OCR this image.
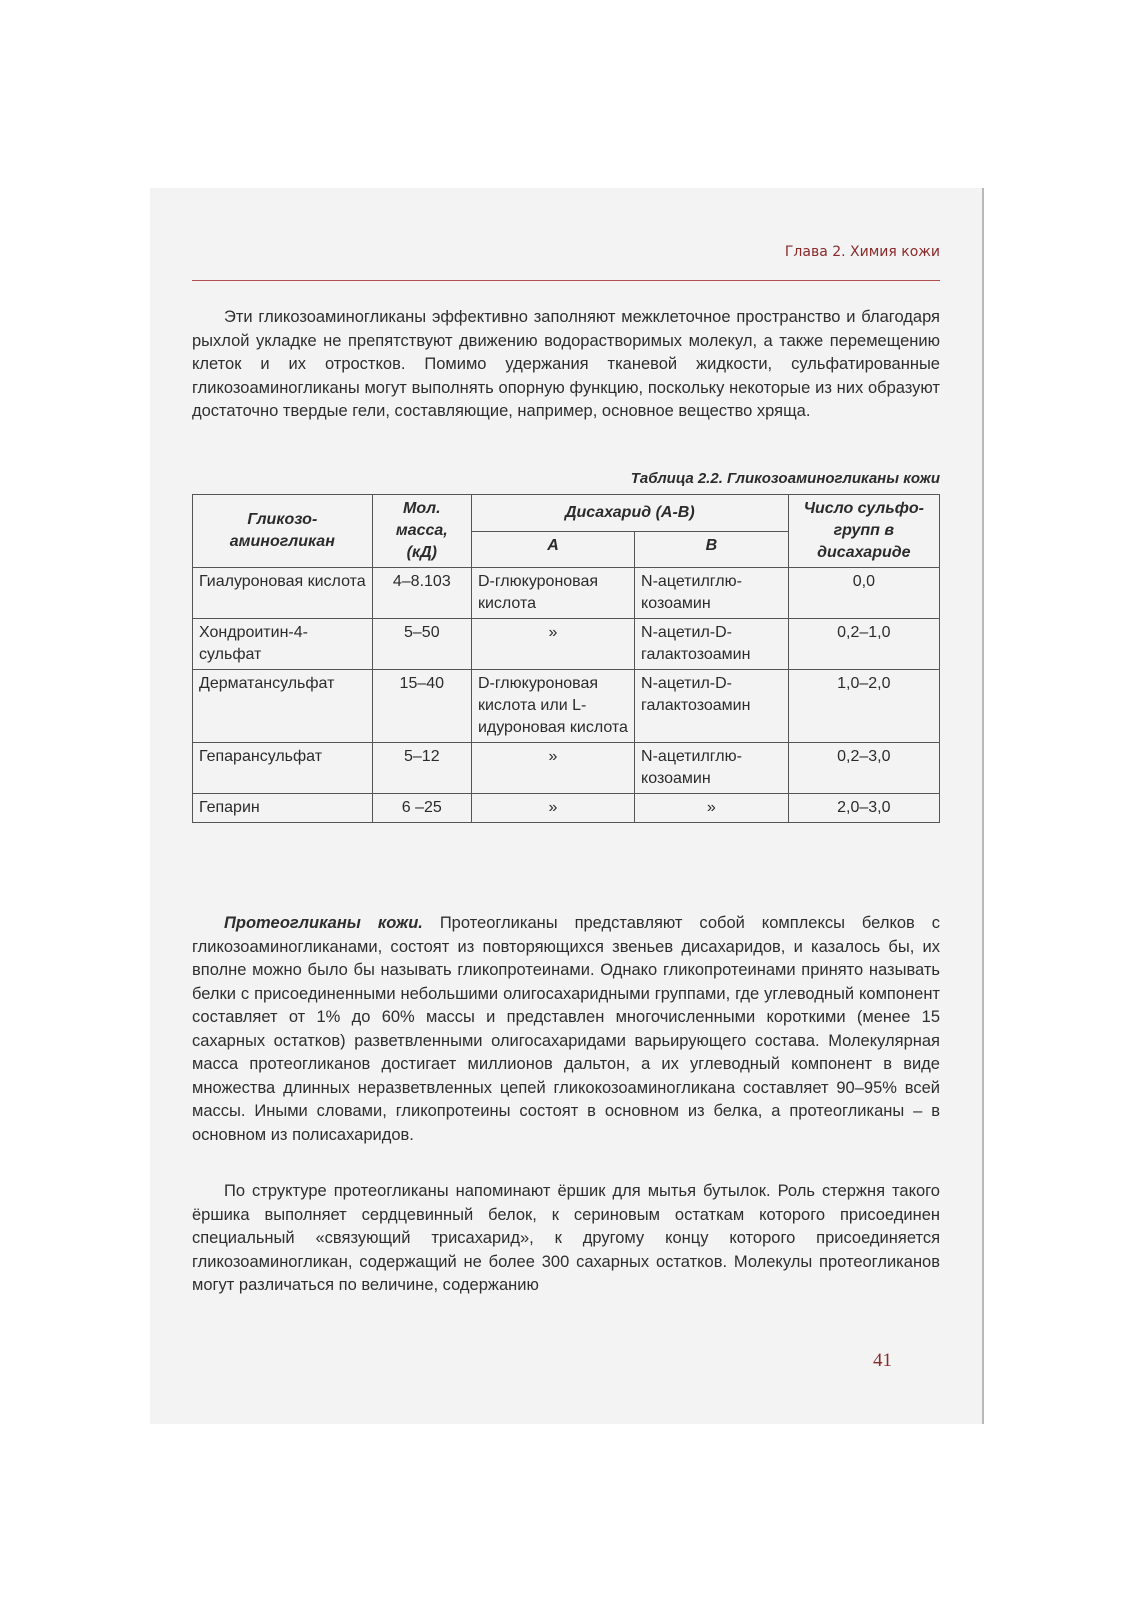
Глава 2. Химия кожи

Эти гликозоаминогликаны эффективно заполняют межклеточное пространство и благодаря рыхлой укладке не препятствуют движению водорастворимых молекул, а также перемещению клеток и их отростков. Помимо удержания тканевой жидкости, сульфатированные гликозоаминогликаны могут выполнять опорную функцию, поскольку некоторые из них образуют достаточно твердые гели, составляющие, например, основное вещество хряща.

Таблица 2.2. Гликозоаминогликаны кожи
Гликозо-аминогликан	Мол. масса, (кД)	Дисахарид (A-B)		Число сульфо-групп в дисахариде
		А	В	
Гиалуроновая кислота	4–8.103	D-глюкуроновая кислота	N-ацетилглю-козоамин	0,0
Хондроитин-4-сульфат	5–50	»	N-ацетил-D-галактозоамин	0,2–1,0
Дерматансульфат	15–40	D-глюкуроновая кислота или L-идуроновая кислота	N-ацетил-D-галактозоамин	1,0–2,0
Гепарансульфат	5–12	»	N-ацетилглю-козоамин	0,2–3,0
Гепарин	6 –25	»	»	2,0–3,0

Протеогликаны кожи. Протеогликаны представляют собой комплексы белков с гликозоаминогликанами, состоят из повторяющихся звеньев дисахаридов, и казалось бы, их вполне можно было бы называть гликопротеинами. Однако гликопротеинами принято называть белки с присоединенными небольшими олигосахаридными группами, где углеводный компонент составляет от 1% до 60% массы и представлен многочисленными короткими (менее 15 сахарных остатков) разветвленными олигосахаридами варьирующего состава. Молекулярная масса протеогликанов достигает миллионов дальтон, а их углеводный компонент в виде множества длинных неразветвленных цепей гликокозоаминогликана составляет 90–95% всей массы. Иными словами, гликопротеины состоят в основном из белка, а протеогликаны – в основном из полисахаридов.

По структуре протеогликаны напоминают ёршик для мытья бутылок. Роль стержня такого ёршика выполняет сердцевинный белок, к сериновым остаткам которого присоединен специальный «связующий трисахарид», к другому концу которого присоединяется гликозоаминогликан, содержащий не более 300 сахарных остатков. Молекулы протеогликанов могут различаться по величине, содержанию

41
